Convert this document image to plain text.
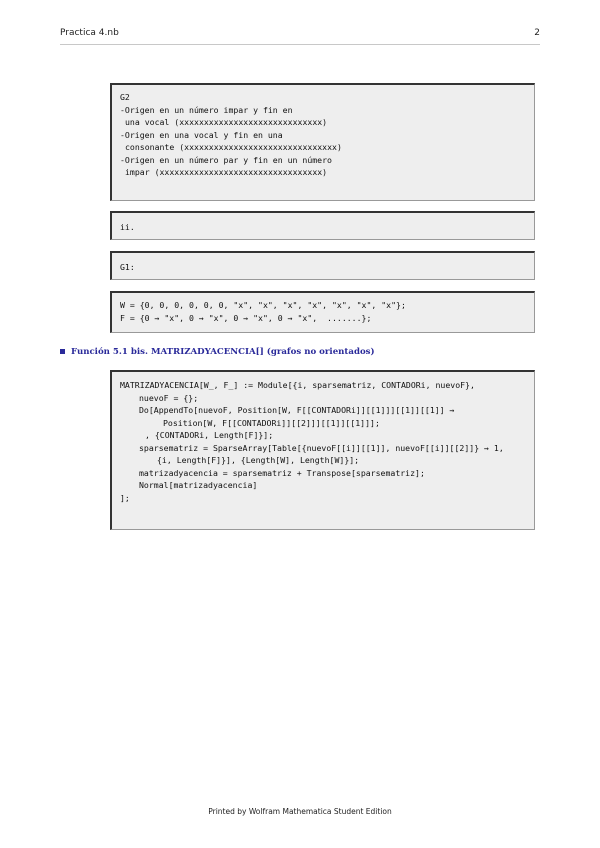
Practica 4.nb	2
G2
-Origen en un número impar y fin en
una vocal (xxxxxxxxxxxxxxxxxxxxxxxxxxxxx)
-Origen en una vocal y fin en una
consonante (xxxxxxxxxxxxxxxxxxxxxxxxxxxxxxx)
-Origen en un número par y fin en un número
impar (xxxxxxxxxxxxxxxxxxxxxxxxxxxxxxxxx)
ii.
G1:
W = {0, 0, 0, 0, 0, 0, "x", "x", "x", "x", "x", "x", "x"};
F = {0 → "x", 0 → "x", 0 → "x", 0 → "x",  .......};
Función 5.1 bis. MATRIZADYACENCIA[] (grafos no orientados)
MATRIZADYACENCIA[W_, F_] := Module[{i, sparsematriz, CONTADORi, nuevoF},
nuevoF = {};
Do[AppendTo[nuevoF, Position[W, F[[CONTADORi]][[1]]][[1]][[1]] →
Position[W, F[[CONTADORi]][[2]]][[1]][[1]]];
, {CONTADORi, Length[F]}];
sparsematriz = SparseArray[Table[{nuevoF[[i]][[1]], nuevoF[[i]][[2]]} → 1,
{i, Length[F]}], {Length[W], Length[W]}];
matrizadyacencia = sparsematriz + Transpose[sparsematriz];
Normal[matrizadyacencia]
];
Printed by Wolfram Mathematica Student Edition
